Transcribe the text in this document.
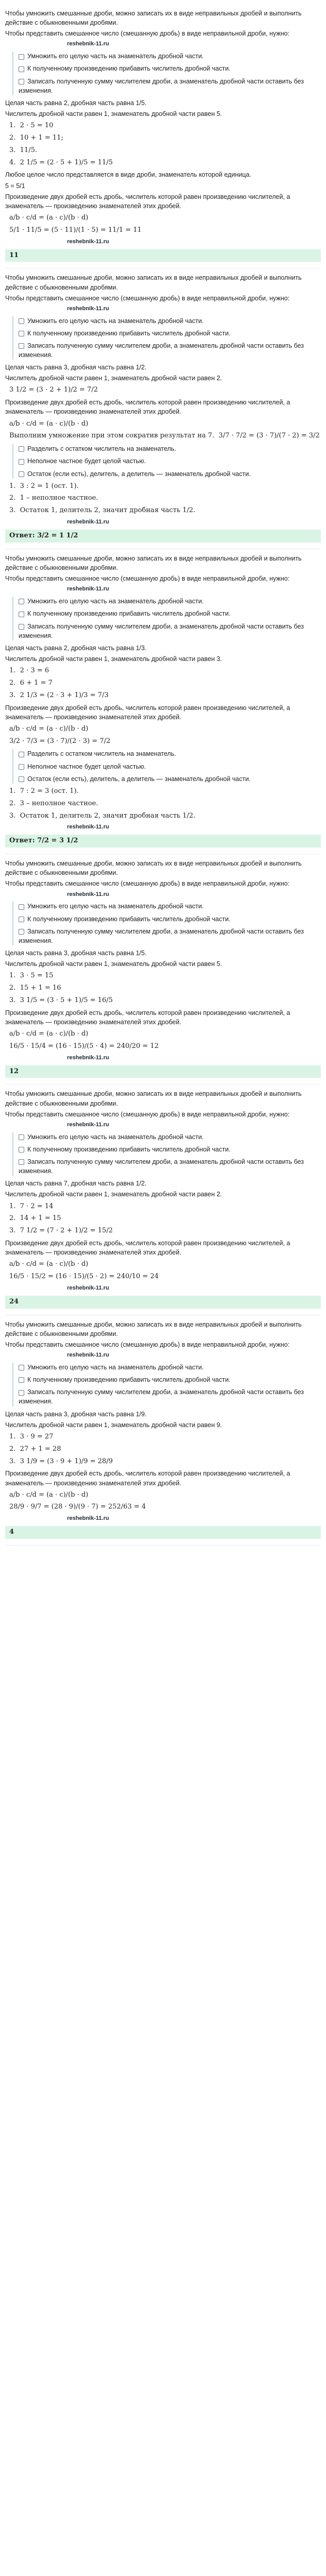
Чтобы умножить смешанные дроби, можно записать их в виде неправильных дробей и выполнить действие с обыкновенными дробями.
Чтобы представить смешанное число (смешанную дробь) в виде неправильной дроби, нужно:
reshebnik-11.ru
Умножить его целую часть на знаменатель дробной части.
К полученному произведению прибавить числитель дробной части.
Записать полученную сумму числителем дроби, а знаменатель дробной части оставить без изменения.
Целая часть равна 2, дробная часть равна 1/5.
Числитель дробной части равен 1, знаменатель дробной части равен 5.
1.  2 · 5 = 10
2.  10 + 1 = 11;
3.  11/5.
4.  2 1/5 = (2 · 5 + 1)/5 = 11/5
Любое целое число представляется в виде дроби, знаменатель которой единица.
5 = 5/1
Произведение двух дробей есть дробь, числитель которой равен произведению числителей, а знаменатель — произведению знаменателей этих дробей.
a/b · c/d = (a · c)/(b · d)
5/1 · 11/5 = (5 · 11)/(1 · 5) = 11/1 = 11
reshebnik-11.ru
11
Чтобы умножить смешанные дроби, можно записать их в виде неправильных дробей и выполнить действие с обыкновенными дробями.
Чтобы представить смешанное число (смешанную дробь) в виде неправильной дроби, нужно:
reshebnik-11.ru
Умножить его целую часть на знаменатель дробной части.
К полученному произведению прибавить числитель дробной части.
Записать полученную сумму числителем дроби, а знаменатель дробной части оставить без изменения.
Целая часть равна 3, дробная часть равна 1/2.
Числитель дробной части равен 1, знаменатель дробной части равен 2.
3 1/2 = (3 · 2 + 1)/2 = 7/2
Произведение двух дробей есть дробь, числитель которой равен произведению числителей, а знаменатель — произведению знаменателей этих дробей.
a/b · c/d = (a · c)/(b · d)
Выполним умножение при этом сократив результат на 7.  3/7 · 7/2 = (3 · 7)/(7 · 2) = 3/2
Разделить с остатком числитель на знаменатель.
Неполное частное будет целой частью.
Остаток (если есть), делитель, а делитель — знаменатель дробной части.
1.  3 : 2 = 1 (ост. 1).
2.  1 – неполное частное.
3.  Остаток 1, делитель 2, значит дробная часть 1/2.
reshebnik-11.ru
Ответ: 3/2 = 1 1/2
Чтобы умножить смешанные дроби, можно записать их в виде неправильных дробей и выполнить действие с обыкновенными дробями.
Чтобы представить смешанное число (смешанную дробь) в виде неправильной дроби, нужно:
reshebnik-11.ru
Умножить его целую часть на знаменатель дробной части.
К полученному произведению прибавить числитель дробной части.
Записать полученную сумму числителем дроби, а знаменатель дробной части оставить без изменения.
Целая часть равна 2, дробная часть равна 1/3.
Числитель дробной части равен 1, знаменатель дробной части равен 3.
1.  2 · 3 = 6
2.  6 + 1 = 7
3.  2 1/3 = (2 · 3 + 1)/3 = 7/3
Произведение двух дробей есть дробь, числитель которой равен произведению числителей, а знаменатель — произведению знаменателей этих дробей.
a/b · c/d = (a · c)/(b · d)
3/2 · 7/3 = (3 · 7)/(2 · 3) = 7/2
Разделить с остатком числитель на знаменатель.
Неполное частное будет целой частью.
Остаток (если есть), делитель, а делитель — знаменатель дробной части.
1.  7 : 2 = 3 (ост. 1).
2.  3 – неполное частное.
3.  Остаток 1, делитель 2, значит дробная часть 1/2.
reshebnik-11.ru
Ответ: 7/2 = 3 1/2
Чтобы умножить смешанные дроби, можно записать их в виде неправильных дробей и выполнить действие с обыкновенными дробями.
Чтобы представить смешанное число (смешанную дробь) в виде неправильной дроби, нужно:
reshebnik-11.ru
Умножить его целую часть на знаменатель дробной части.
К полученному произведению прибавить числитель дробной части.
Записать полученную сумму числителем дроби, а знаменатель дробной части оставить без изменения.
Целая часть равна 3, дробная часть равна 1/5.
Числитель дробной части равен 1, знаменатель дробной части равен 5.
1.  3 · 5 = 15
2.  15 + 1 = 16
3.  3 1/5 = (3 · 5 + 1)/5 = 16/5
Произведение двух дробей есть дробь, числитель которой равен произведению числителей, а знаменатель — произведению знаменателей этих дробей.
a/b · c/d = (a · c)/(b · d)
16/5 · 15/4 = (16 · 15)/(5 · 4) = 240/20 = 12
reshebnik-11.ru
12
Чтобы умножить смешанные дроби, можно записать их в виде неправильных дробей и выполнить действие с обыкновенными дробями.
Чтобы представить смешанное число (смешанную дробь) в виде неправильной дроби, нужно:
reshebnik-11.ru
Умножить его целую часть на знаменатель дробной части.
К полученному произведению прибавить числитель дробной части.
Записать полученную сумму числителем дроби, а знаменатель дробной части оставить без изменения.
Целая часть равна 7, дробная часть равна 1/2.
Числитель дробной части равен 1, знаменатель дробной части равен 2.
1.  7 · 2 = 14
2.  14 + 1 = 15
3.  7 1/2 = (7 · 2 + 1)/2 = 15/2
Произведение двух дробей есть дробь, числитель которой равен произведению числителей, а знаменатель — произведению знаменателей этих дробей.
a/b · c/d = (a · c)/(b · d)
16/5 · 15/2 = (16 · 15)/(5 · 2) = 240/10 = 24
reshebnik-11.ru
24
Чтобы умножить смешанные дроби, можно записать их в виде неправильных дробей и выполнить действие с обыкновенными дробями.
Чтобы представить смешанное число (смешанную дробь) в виде неправильной дроби, нужно:
reshebnik-11.ru
Умножить его целую часть на знаменатель дробной части.
К полученному произведению прибавить числитель дробной части.
Записать полученную сумму числителем дроби, а знаменатель дробной части оставить без изменения.
Целая часть равна 3, дробная часть равна 1/9.
Числитель дробной части равен 1, знаменатель дробной части равен 9.
1.  3 · 9 = 27
2.  27 + 1 = 28
3.  3 1/9 = (3 · 9 + 1)/9 = 28/9
Произведение двух дробей есть дробь, числитель которой равен произведению числителей, а знаменатель — произведению знаменателей этих дробей.
a/b · c/d = (a · c)/(b · d)
28/9 · 9/7 = (28 · 9)/(9 · 7) = 252/63 = 4
reshebnik-11.ru
4
